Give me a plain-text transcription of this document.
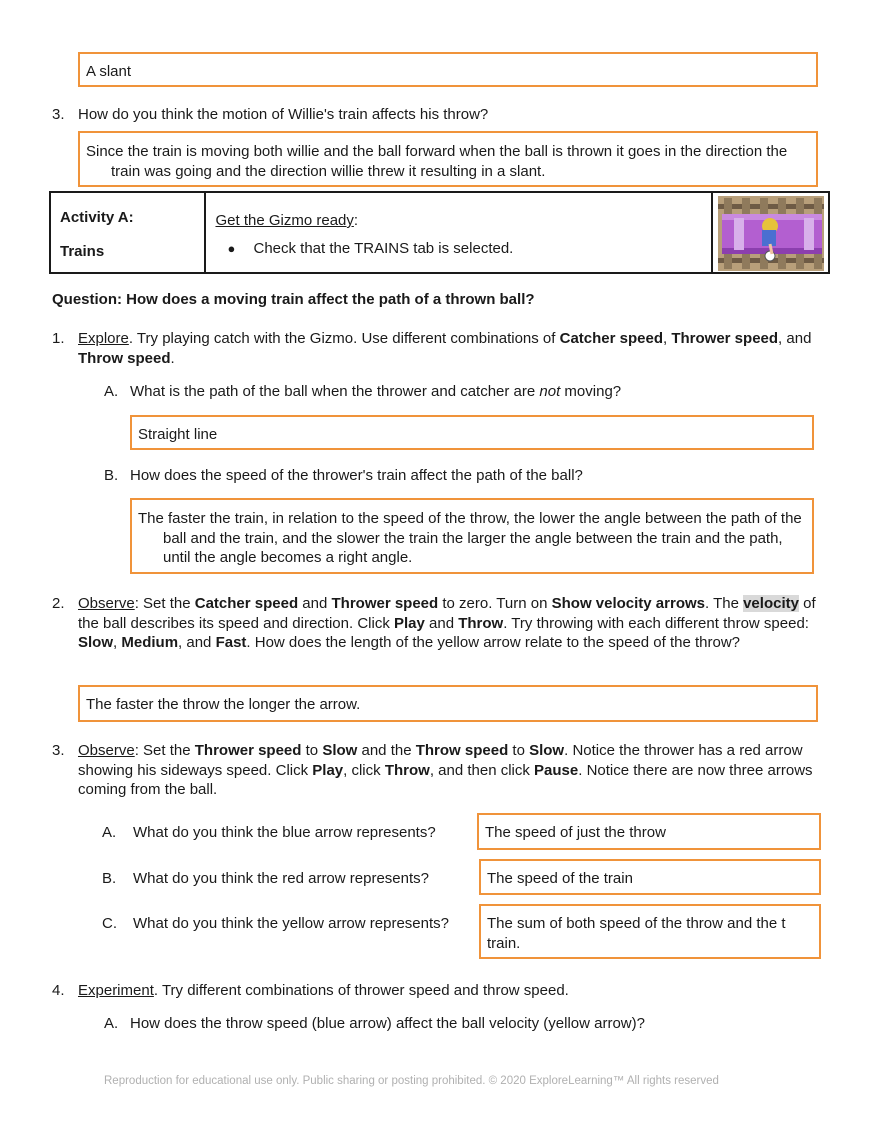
A slant
3. How do you think the motion of Willie's train affects his throw?
Since the train is moving both willie and the ball forward when the ball is thrown it goes in the direction the train was going and the direction willie threw it resulting in a slant.
Activity A:
Trains

Get the Gizmo ready:
● Check that the TRAINS tab is selected.

Question: How does a moving train affect the path of a thrown ball?
1. Explore. Try playing catch with the Gizmo. Use different combinations of Catcher speed, Thrower speed, and Throw speed.
A. What is the path of the ball when the thrower and catcher are not moving?
Straight line
B. How does the speed of the thrower's train affect the path of the ball?
The faster the train, in relation to the speed of the throw, the lower the angle between the path of the ball and the train, and the slower the train the larger the angle between the train and the path, until the angle becomes a right angle.
2. Observe: Set the Catcher speed and Thrower speed to zero. Turn on Show velocity arrows. The velocity of the ball describes its speed and direction. Click Play and Throw. Try throwing with each different throw speed: Slow, Medium, and Fast. How does the length of the yellow arrow relate to the speed of the throw?
The faster the throw the longer the arrow.
3. Observe: Set the Thrower speed to Slow and the Throw speed to Slow. Notice the thrower has a red arrow showing his sideways speed. Click Play, click Throw, and then click Pause. Notice there are now three arrows coming from the ball.
A. What do you think the blue arrow represents?	The speed of just the throw
B. What do you think the red arrow represents?	The speed of the train
C. What do you think the yellow arrow represents?	The sum of both speed of the throw and the t train.
4. Experiment. Try different combinations of thrower speed and throw speed.
A. How does the throw speed (blue arrow) affect the ball velocity (yellow arrow)?
Reproduction for educational use only. Public sharing or posting prohibited. © 2020 ExploreLearning™ All rights reserved
